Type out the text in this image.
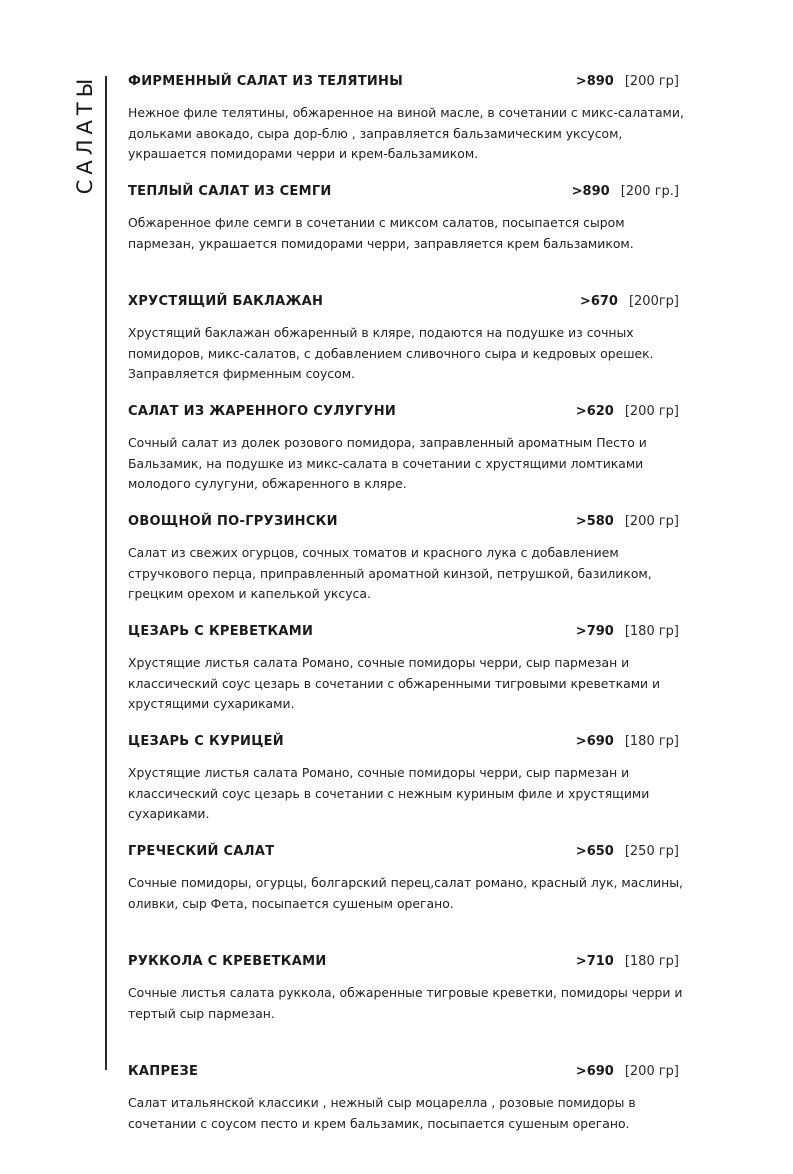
САЛАТЫ ФИРМЕННЫЙ САЛАТ ИЗ ТЕЛЯТИНЫ	>890 [200 гр]
Нежное филе телятины, обжаренное на виной масле, в сочетании с микс-салатами,
дольками авокадо, сыра дор-блю , заправляется бальзамическим уксусом,
украшается помидорами черри и крем-бальзамиком.
ТЕПЛЫЙ САЛАТ ИЗ СЕМГИ	>890 [200 гр.]
Обжаренное филе семги в сочетании с миксом салатов, посыпается сыром
пармезан, украшается помидорами черри, заправляется крем бальзамиком.
ХРУСТЯЩИЙ БАКЛАЖАН	>670 [200гр]
Хрустящий баклажан обжаренный в кляре, подаются на подушке из сочных
помидоров, микс-салатов, с добавлением сливочного сыра и кедровых орешек.
Заправляется фирменным соусом.
САЛАТ ИЗ ЖАРЕННОГО СУЛУГУНИ	>620 [200 гр]
Сочный салат из долек розового помидора, заправленный ароматным Песто и
Бальзамик, на подушке из микс-салата в сочетании с хрустящими ломтиками
молодого сулугуни, обжаренного в кляре.
ОВОЩНОЙ ПО-ГРУЗИНСКИ	>580 [200 гр]
Салат из свежих огурцов, сочных томатов и красного лука с добавлением
стручкового перца, приправленный ароматной кинзой, петрушкой, базиликом,
грецким орехом и капелькой уксуса.
ЦЕЗАРЬ С КРЕВЕТКАМИ	>790 [180 гр]
Хрустящие листья салата Романо, сочные помидоры черри, сыр пармезан и
классический соус цезарь в сочетании с обжаренными тигровыми креветками и
хрустящими сухариками.
ЦЕЗАРЬ С КУРИЦЕЙ	>690 [180 гр]
Хрустящие листья салата Романо, сочные помидоры черри, сыр пармезан и
классический соус цезарь в сочетании с нежным куриным филе и хрустящими
сухариками.
ГРЕЧЕСКИЙ САЛАТ	>650 [250 гр]
Сочные помидоры, огурцы, болгарский перец,салат романо, красный лук, маслины,
оливки, сыр Фета, посыпается сушеным орегано.
РУККОЛА С КРЕВЕТКАМИ	>710 [180 гр]
Сочные листья салата руккола, обжаренные тигровые креветки, помидоры черри и
тертый сыр пармезан.
КАПРЕЗЕ	>690 [200 гр]
Салат итальянской классики , нежный сыр моцарелла , розовые помидоры в
сочетании с соусом песто и крем бальзамик, посыпается сушеным орегано.
